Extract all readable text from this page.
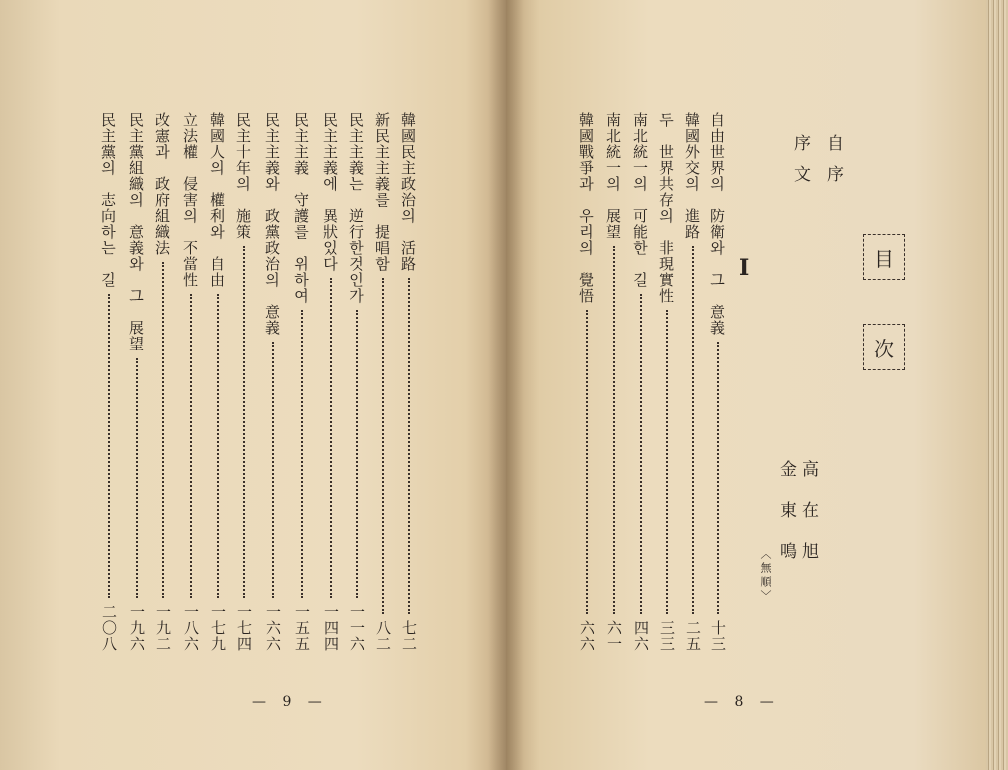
韓國民主政治의　活路
七二
新民主主義를　提唱함
八二
民主主義는　逆行한것인가
一一六
民主主義에　異狀있다
一四四
民主主義　守護를　위하여
一五五
民主主義와　政黨政治의　意義
一六六
民主十年의　施策
一七四
韓國人의　權利와　自由
一七九
立法權　侵害의　不當性
一八六
改憲과　政府組織法
一九二
民主黨組織의　意義와　그　展望
一九六
民主黨의　志向하는　길
二〇八
自序
序文
目
次
高在旭
金東鳴
〈無順〉
自由世界의　防衛와　그　意義
十三
韓國外交의　進路
二五
두　世界共存의　非現實性
三三
南北統一의　可能한　길
四六
南北統一의　展望
六一
韓國戰爭과　우리의　覺悟
六六
I
— 9 —	— 8 —
